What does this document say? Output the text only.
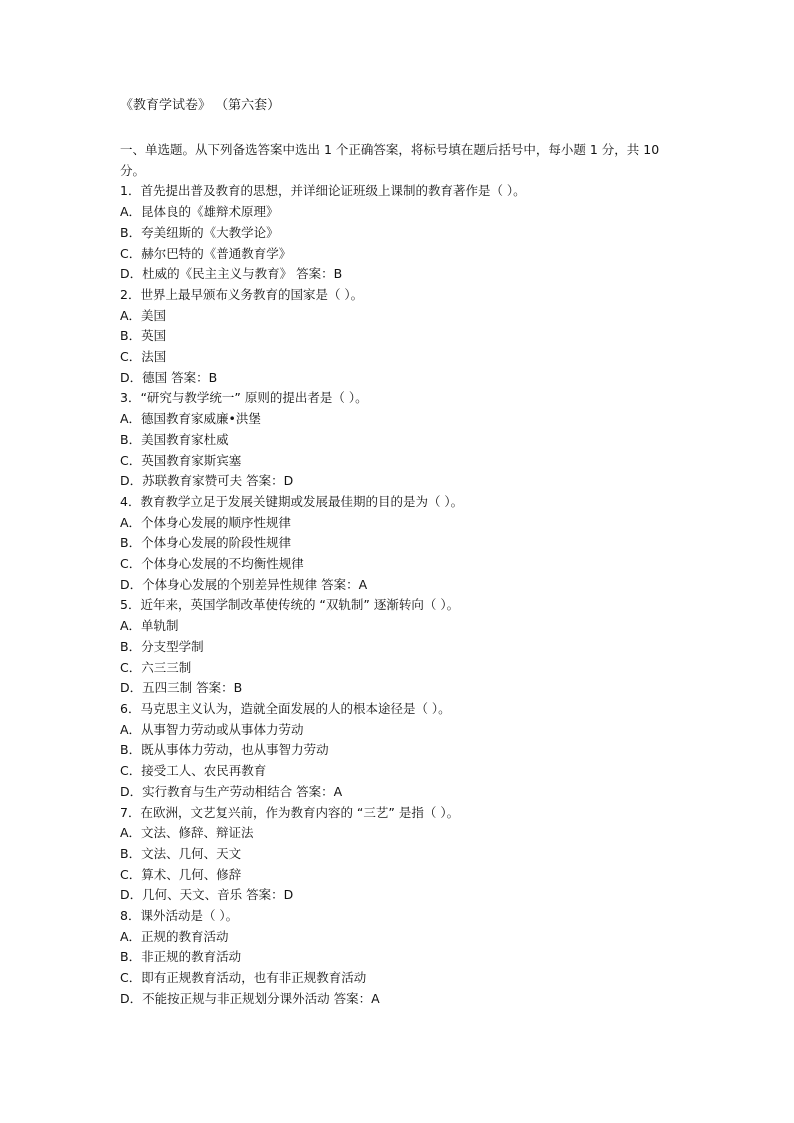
《教育学试卷》 （第六套）
一、单选题。从下列备选答案中选出 1 个正确答案，将标号填在题后括号中，每小题 1 分，共 10 分。
1．首先提出普及教育的思想，并详细论证班级上课制的教育著作是（ ）。
A．昆体良的《雄辩术原理》
B．夸美纽斯的《大教学论》
C．赫尔巴特的《普通教育学》
D．杜威的《民主主义与教育》 答案：B
2．世界上最早颁布义务教育的国家是（ ）。
A．美国
B．英国
C．法国
D．德国 答案：B
3．“研究与教学统一” 原则的提出者是（ ）。
A．德国教育家威廉•洪堡
B．美国教育家杜威
C．英国教育家斯宾塞
D．苏联教育家赞可夫 答案：D
4．教育教学立足于发展关键期或发展最佳期的目的是为（ ）。
A．个体身心发展的顺序性规律
B．个体身心发展的阶段性规律
C．个体身心发展的不均衡性规律
D．个体身心发展的个别差异性规律 答案：A
5．近年来，英国学制改革使传统的 “双轨制” 逐渐转向（ ）。
A．单轨制
B．分支型学制
C．六三三制
D．五四三制 答案：B
6．马克思主义认为，造就全面发展的人的根本途径是（ ）。
A．从事智力劳动或从事体力劳动
B．既从事体力劳动，也从事智力劳动
C．接受工人、农民再教育
D．实行教育与生产劳动相结合 答案：A
7．在欧洲，文艺复兴前，作为教育内容的 “三艺” 是指（ ）。
A．文法、修辞、辩证法
B．文法、几何、天文
C．算术、几何、修辞
D．几何、天文、音乐 答案：D
8．课外活动是（ ）。
A．正规的教育活动
B．非正规的教育活动
C．即有正规教育活动，也有非正规教育活动
D．不能按正规与非正规划分课外活动 答案：A
